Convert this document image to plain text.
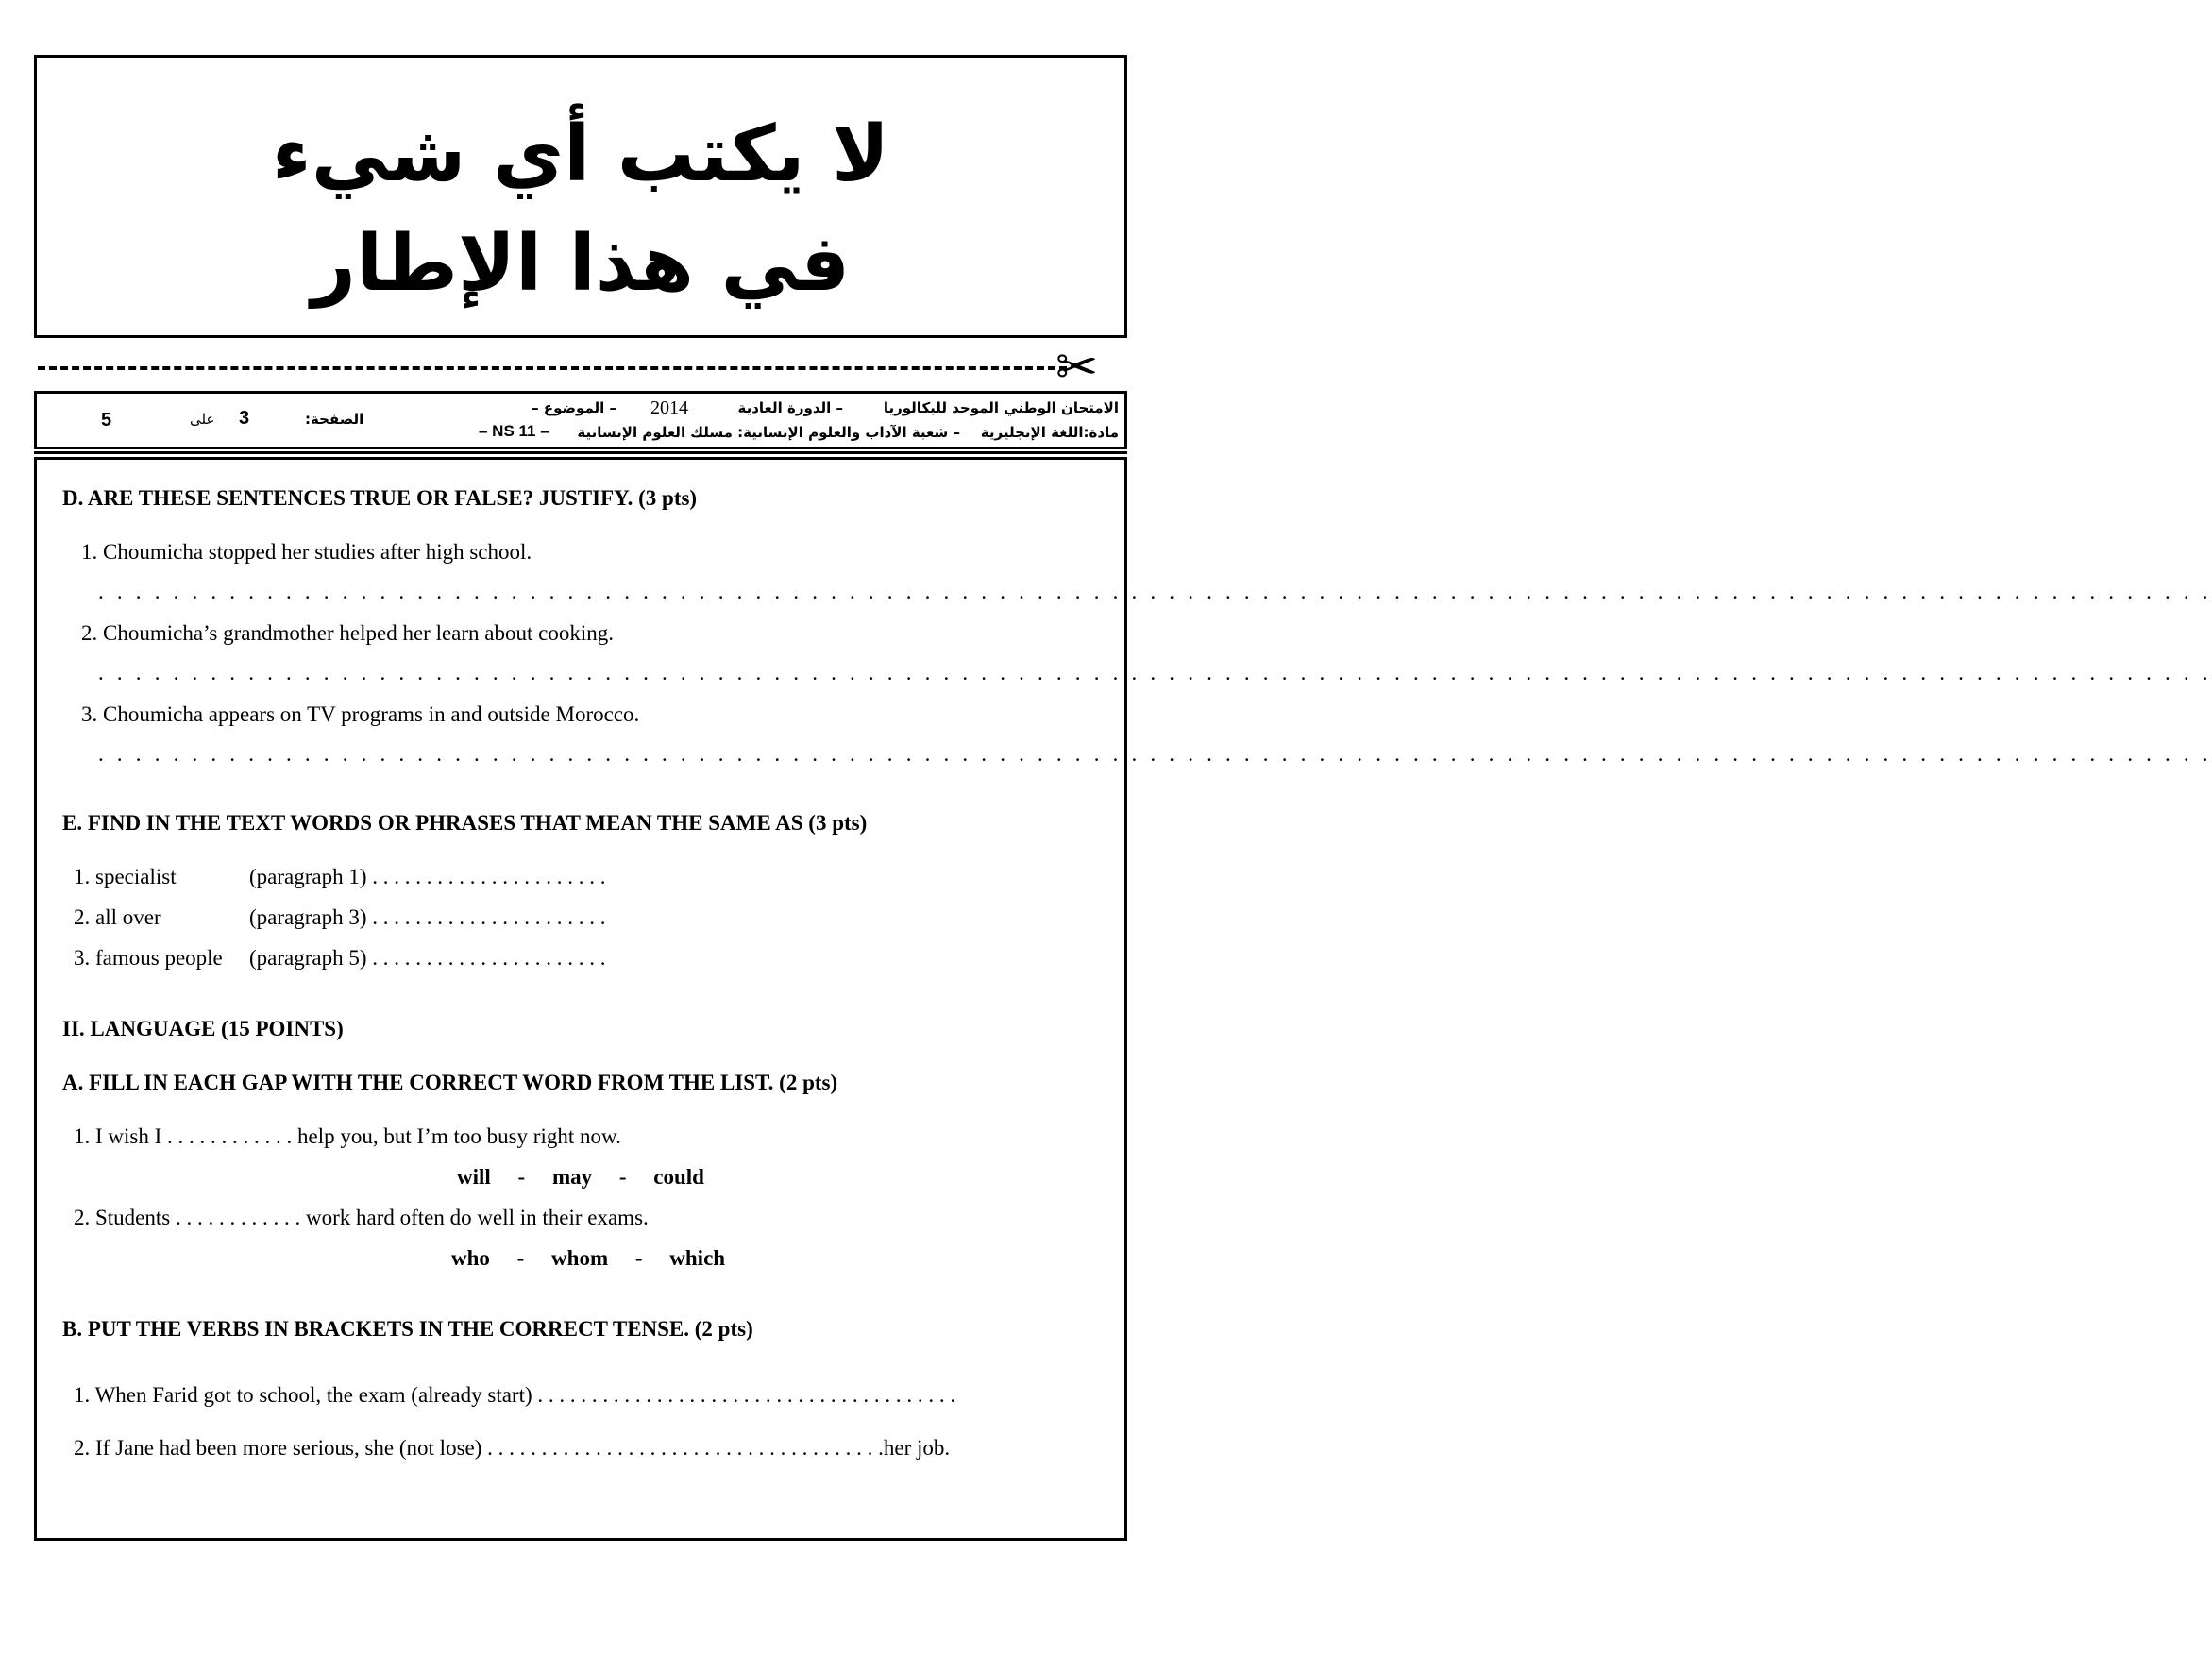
لا يكتب أي شيء
في هذا الإطار
✂
الامتحان الوطني الموحد للبكالوريا
– الدورة العادية
2014
– الموضوع –
مادة:اللغة الإنجليزية
– شعبة الآداب والعلوم الإنسانية: مسلك العلوم الإنسانية
– NS 11 –
الصفحة:
3
على
5
D. ARE THESE SENTENCES TRUE OR FALSE? JUSTIFY. (3 pts)
1. Choumicha stopped her studies after high school.
. . . . . . . . . . . . . . . . . . . . . . . . . . . . . . . . . . . . . . . . . . . . . . . . . . . . . . . . . . . . . . . . . . . . . . . . . . . . . . . . . . . . . . . . . . . . . . . . . . . . . . . . . . . . . . . . .
2. Choumicha’s grandmother helped her learn about cooking.
. . . . . . . . . . . . . . . . . . . . . . . . . . . . . . . . . . . . . . . . . . . . . . . . . . . . . . . . . . . . . . . . . . . . . . . . . . . . . . . . . . . . . . . . . . . . . . . . . . . . . . . . . . . . . . . . .
3. Choumicha appears on TV programs in and outside Morocco.
. . . . . . . . . . . . . . . . . . . . . . . . . . . . . . . . . . . . . . . . . . . . . . . . . . . . . . . . . . . . . . . . . . . . . . . . . . . . . . . . . . . . . . . . . . . . . . . . . . . . . . . . . . . . . . . . .
E. FIND IN THE TEXT WORDS OR PHRASES THAT MEAN THE SAME AS (3 pts)
1. specialist	(paragraph 1) . . . . . . . . . . . . . . . . . . . . . .
2. all over	(paragraph 3) . . . . . . . . . . . . . . . . . . . . . .
3. famous people (paragraph 5) . . . . . . . . . . . . . . . . . . . . . .
II. LANGUAGE (15 POINTS)
A. FILL IN EACH GAP WITH THE CORRECT WORD FROM THE LIST. (2 pts)
1. I wish I . . . . . . . . . . . . help you, but I’m too busy right now.
will     -     may     -     could
2. Students . . . . . . . . . . . . work hard often do well in their exams.
who     -     whom     -     which
B. PUT THE VERBS IN BRACKETS IN THE CORRECT TENSE. (2 pts)
1. When Farid got to school, the exam (already start) . . . . . . . . . . . . . . . . . . . . . . . . . . . . . . . . . . . . . . .
2. If Jane had been more serious, she (not lose) . . . . . . . . . . . . . . . . . . . . . . . . . . . . . . . . . . . . .her job.
